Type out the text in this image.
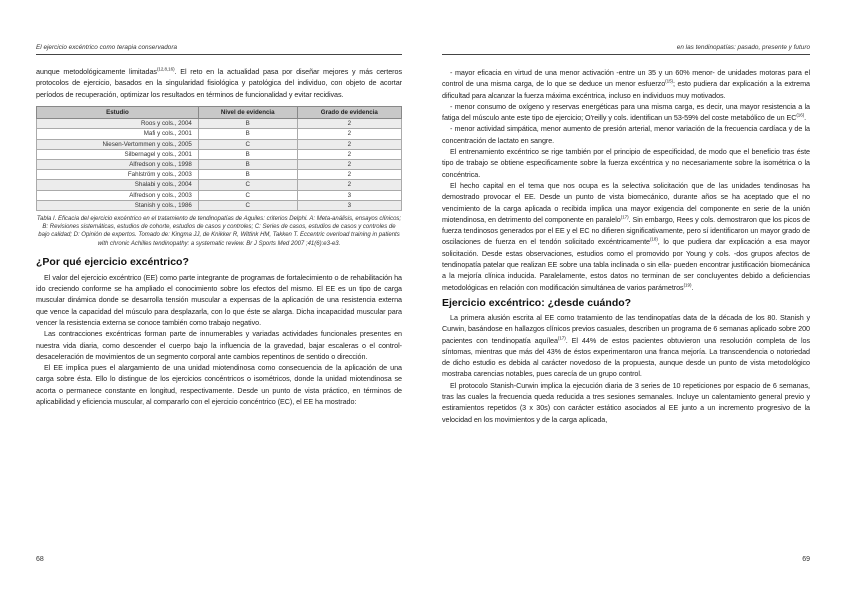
El ejercicio excéntrico como terapia conservadora

aunque metodológicamente limitadas$^{(12,8,16)}$. El reto en la actualidad pasa por diseñar mejores y más certeros protocolos de ejercicio, basados en la singularidad fisiológica y patológica del individuo, con objeto de acortar períodos de recuperación, optimizar los resultados en términos de funcionalidad y evitar recidivas.

Estudio	Nivel de evidencia	Grado de evidencia
Roos y cols., 2004	B	2
Mafi y cols., 2001	B	2
Niesen-Vertommen y cols., 2005	C	2
Silbernagel y cols., 2001	B	2
Alfredson y cols., 1998	B	2
Fahlström y cols., 2003	B	2
Shalabi y cols., 2004	C	2
Alfredson y cols., 2003	C	3
Stanish y cols., 1986	C	3
Tabla I. Eficacia del ejercicio excéntrico en el tratamiento de tendinopatías de Aquiles: criterios Delphi. A: Meta-análisis, ensayos clínicos; B: Revisiones sistemáticas, estudios de cohorte, estudios de casos y controles; C: Series de casos, estudios de casos y controles de bajo calidad; D: Opinión de expertos. Tomado de: Kingma JJ, de Knikker R, Wittink HM, Takken T. Eccentric overload training in patients with chronic Achilles tendinopathy: a systematic review. Br J Sports Med 2007 ;41(6):e3-e3.
¿Por qué ejercicio excéntrico?

El valor del ejercicio excéntrico (EE) como parte integrante de programas de fortalecimiento o de rehabilitación ha ido creciendo conforme se ha ampliado el conocimiento sobre los efectos del mismo. El EE es un tipo de carga muscular dinámica donde se desarrolla tensión muscular a expensas de la aplicación de una resistencia externa que vence la capacidad del músculo para desplazarla, con lo que éste se alarga. Dicha incapacidad muscular para vencer la resistencia externa se conoce también como trabajo negativo.

Las contracciones excéntricas forman parte de innumerables y variadas actividades funcionales presentes en nuestra vida diaria, como descender el cuerpo bajo la influencia de la gravedad, bajar escaleras o el control-desaceleración de movimientos de un segmento corporal ante cambios repentinos de sentido o dirección.

El EE implica pues el alargamiento de una unidad miotendinosa como consecuencia de la aplicación de una carga sobre ésta. Ello lo distingue de los ejercicios concéntricos o isométricos, donde la unidad miotendinosa se acorta o permanece constante en longitud, respectivamente. Desde un punto de vista práctico, en términos de aplicabilidad y eficiencia muscular, al compararlo con el ejercicio concéntrico (EC), el EE ha mostrado:

68
en las tendinopatías: pasado, presente y futuro

- mayor eficacia en virtud de una menor activación -entre un 35 y un 60% menor- de unidades motoras para el control de una misma carga, de lo que se deduce un menor esfuerzo$^{(15)}$; esto pudiera dar explicación a la extrema dificultad para alcanzar la fuerza máxima excéntrica, incluso en individuos muy motivados.

- menor consumo de oxígeno y reservas energéticas para una misma carga, es decir, una mayor resistencia a la fatiga del músculo ante este tipo de ejercicio; O'reilly y cols. identifican un 53-59% del coste metabólico de un EC$^{(16)}$.

- menor actividad simpática, menor aumento de presión arterial, menor variación de la frecuencia cardíaca y de la concentración de lactato en sangre.

El entrenamiento excéntrico se rige también por el principio de especificidad, de modo que el beneficio tras éste tipo de trabajo se obtiene especificamente sobre la fuerza excéntrica y no necesariamente sobre la isométrica o la concéntrica.

El hecho capital en el tema que nos ocupa es la selectiva solicitación que de las unidades tendinosas ha demostrado provocar el EE. Desde un punto de vista biomecánico, durante años se ha aceptado que el no vencimiento de la carga aplicada o recibida implica una mayor exigencia del componente en serie de la unión miotendinosa, en detrimento del componente en paralelo$^{(17)}$. Sin embargo, Rees y cols. demostraron que los picos de fuerza tendinosos generados por el EE y el EC no difieren significativamente, pero sí identificaron un mayor grado de oscilaciones de fuerza en el tendón solicitado excéntricamente$^{(18)}$, lo que pudiera dar explicación a esa mayor solicitación. Desde estas observaciones, estudios como el promovido por Young y cols. -dos grupos afectos de tendinopatía patelar que realizan EE sobre una tabla inclinada o sin ella- pueden encontrar justificación biomecánica a la mejoría clínica inducida. Paralelamente, estos datos no terminan de ser concluyentes debido a deficiencias metodológicas en relación con modificación simultánea de varios parámetros$^{(19)}$.

Ejercicio excéntrico: ¿desde cuándo?

La primera alusión escrita al EE como tratamiento de las tendinopatías data de la década de los 80. Stanish y Curwin, basándose en hallazgos clínicos previos casuales, describen un programa de 6 semanas aplicado sobre 200 pacientes con tendinopatía aquílea$^{(17)}$. El 44% de estos pacientes obtuvieron una resolución completa de los síntomas, mientras que más del 43% de éstos experimentaron una franca mejoría. La transcendencia o notoriedad de dicho estudio es debida al carácter novedoso de la propuesta, aunque desde un punto de vista metodológico mostraba carencias notables, pues carecía de un grupo control.

El protocolo Stanish-Curwin implica la ejecución diaria de 3 series de 10 repeticiones por espacio de 6 semanas, tras las cuales la frecuencia queda reducida a tres sesiones semanales. Incluye un calentamiento general previo y estiramientos repetidos (3 x 30s) con carácter estático asociados al EE junto a un incremento progresivo de la velocidad en los movimientos y de la carga aplicada,

69
